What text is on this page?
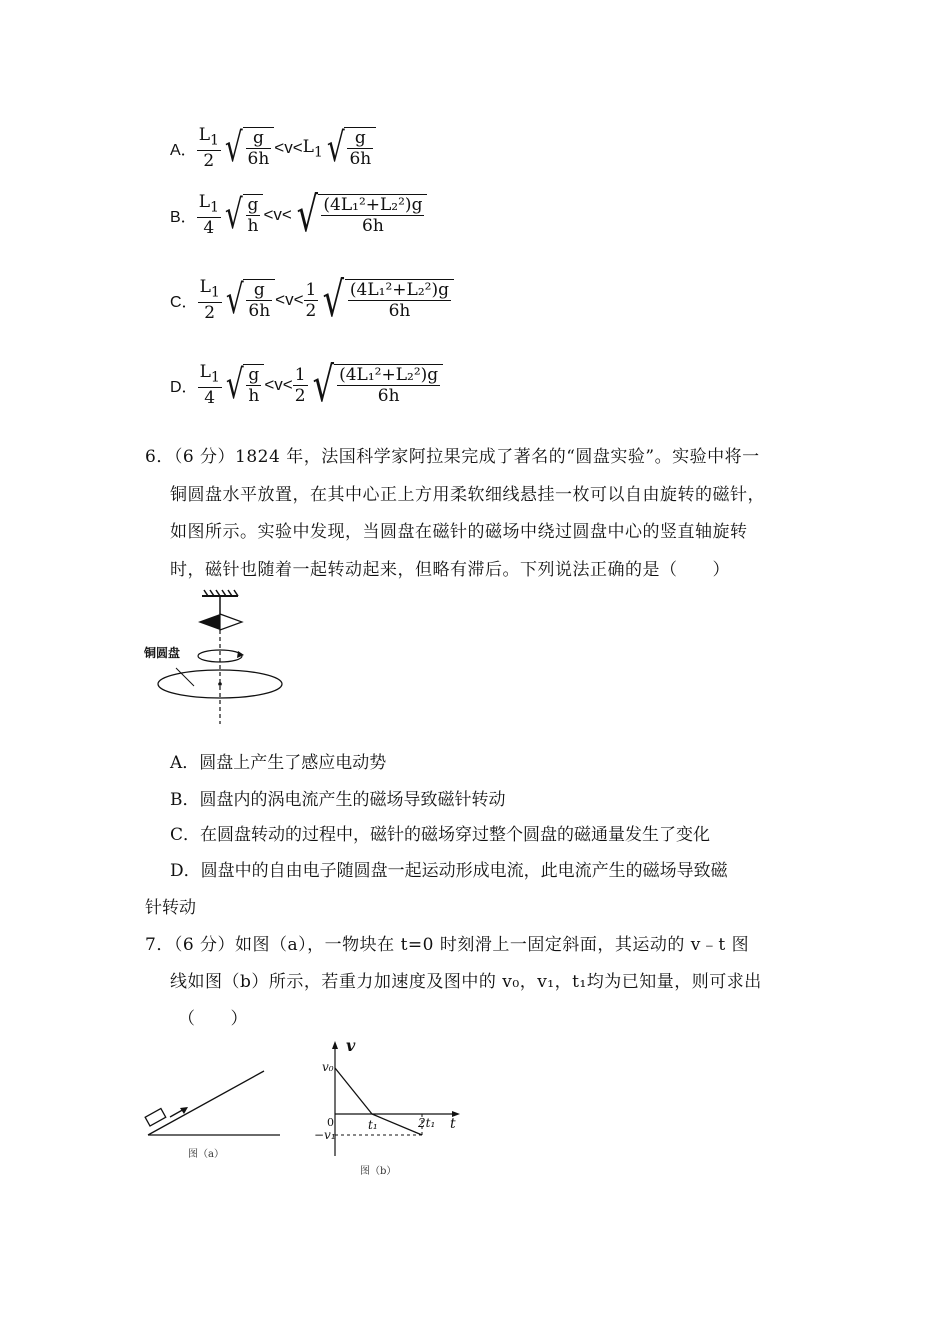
A． $\frac{L_1}{2}$ √ $\frac{g}{6h} <v< L_1$ √ $\frac{g}{6h}$
B． $\frac{L_1}{4}$ √ $\frac{g}{h} <v<$ √ $\frac{\text{(4L₁²+L₂²)g}}{6h}$
C． $\frac{L_1}{2}$ √ $\frac{g}{6h} <v< \frac{1}{2}$ √ $\frac{\text{(4L₁²+L₂²)g}}{6h}$
D． $\frac{L_1}{4}$ √ $\frac{g}{h} <v< \frac{1}{2}$ √ $\frac{\text{(4L₁²+L₂²)g}}{6h}$
6．（6 分）1824 年，法国科学家阿拉果完成了著名的“圆盘实验”。实验中将一
铜圆盘水平放置，在其中心正上方用柔软细线悬挂一枚可以自由旋转的磁针，
如图所示。实验中发现，当圆盘在磁针的磁场中绕过圆盘中心的竖直轴旋转
时，磁针也随着一起转动起来，但略有滞后。下列说法正确的是（　　）
铜圆盘
A．圆盘上产生了感应电动势
B．圆盘内的涡电流产生的磁场导致磁针转动
C．在圆盘转动的过程中，磁针的磁场穿过整个圆盘的磁通量发生了变化
D．圆盘中的自由电子随圆盘一起运动形成电流，此电流产生的磁场导致磁
针转动
7．（6 分）如图（a），一物块在 t=0 时刻滑上一固定斜面，其运动的 v﹣t 图
线如图（b）所示，若重力加速度及图中的 v₀，v₁，t₁均为已知量，则可求出
（　　）
图（a）
v
t
v₀
−v₁
0	t₁	2t₁
图（b）
